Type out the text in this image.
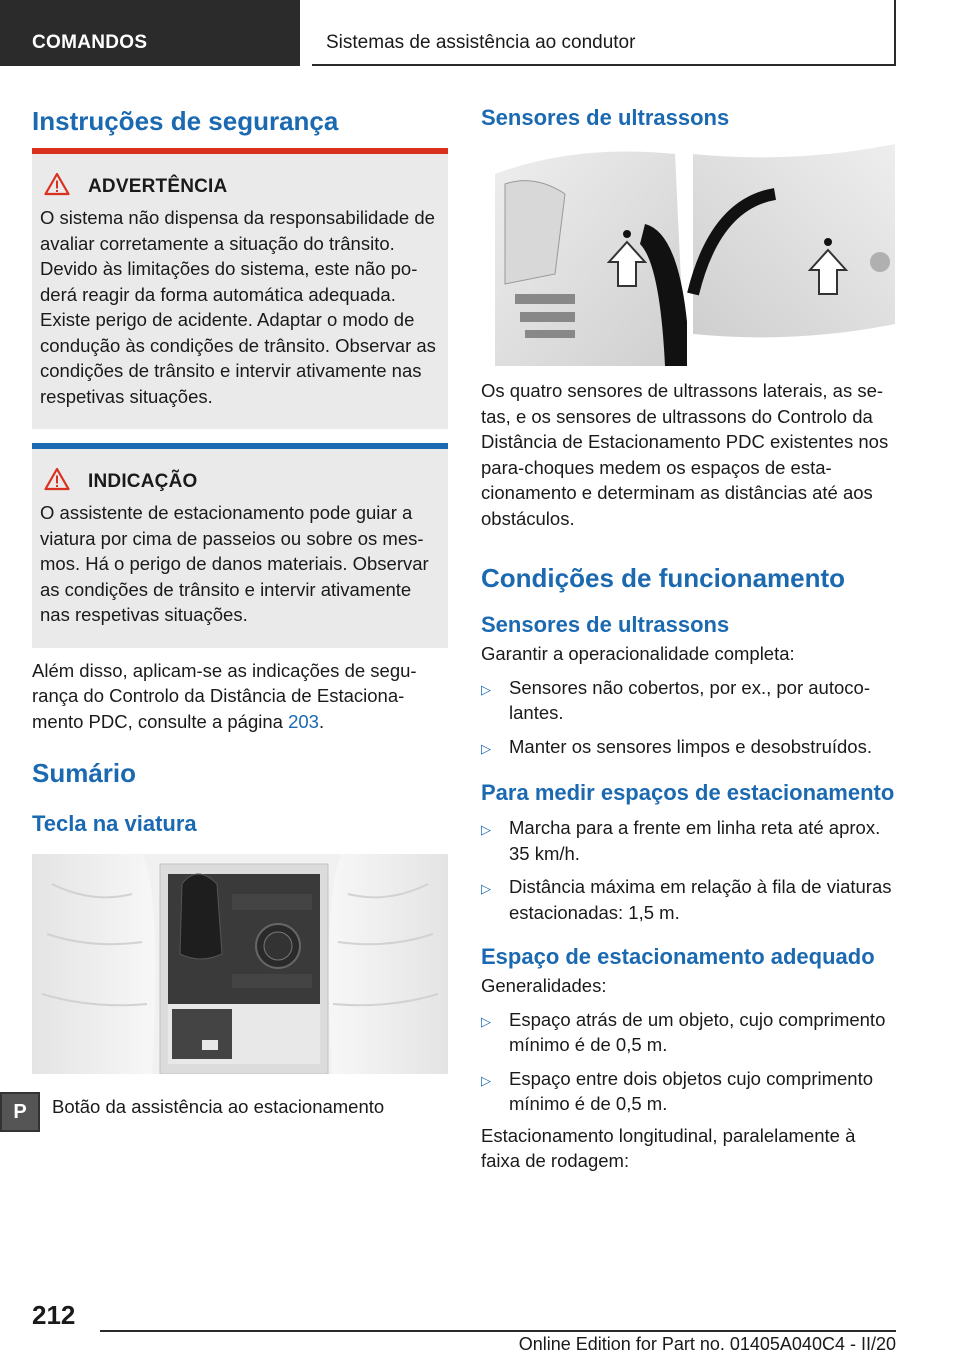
COMANDOS	Sistemas de assistência ao condutor
Instruções de segurança
ADVERTÊNCIA
O sistema não dispensa da responsabilidade de avaliar corretamente a situação do trânsito. Devido às limitações do sistema, este não poderá reagir da forma automática adequada. Existe perigo de acidente. Adaptar o modo de condução às condições de trânsito. Observar as condições de trânsito e intervir ativamente nas respetivas situações.
INDICAÇÃO
O assistente de estacionamento pode guiar a viatura por cima de passeios ou sobre os mesmos. Há o perigo de danos materiais. Observar as condições de trânsito e intervir ativamente nas respetivas situações.

Além disso, aplicam-se as indicações de segurança do Controlo da Distância de Estacionamento PDC, consulte a página 203.

Sumário
Tecla na viatura
P	Botão da assistência ao estacionamento
Sensores de ultrassons

Os quatro sensores de ultrassons laterais, as setas, e os sensores de ultrassons do Controlo da Distância de Estacionamento PDC existentes nos para-choques medem os espaços de estacionamento e determinam as distâncias até aos obstáculos.

Condições de funcionamento
Sensores de ultrassons

Garantir a operacionalidade completa:

▷ Sensores não cobertos, por ex., por autocolantes.
▷ Manter os sensores limpos e desobstruídos.
Para medir espaços de estacionamento
▷ Marcha para a frente em linha reta até aprox. 35 km/h.
▷ Distância máxima em relação à fila de viaturas estacionadas: 1,5 m.
Espaço de estacionamento adequado

Generalidades:

▷ Espaço atrás de um objeto, cujo comprimento mínimo é de 0,5 m.
▷ Espaço entre dois objetos cujo comprimento mínimo é de 0,5 m.

Estacionamento longitudinal, paralelamente à faixa de rodagem:

212
Online Edition for Part no. 01405A040C4 - II/20
